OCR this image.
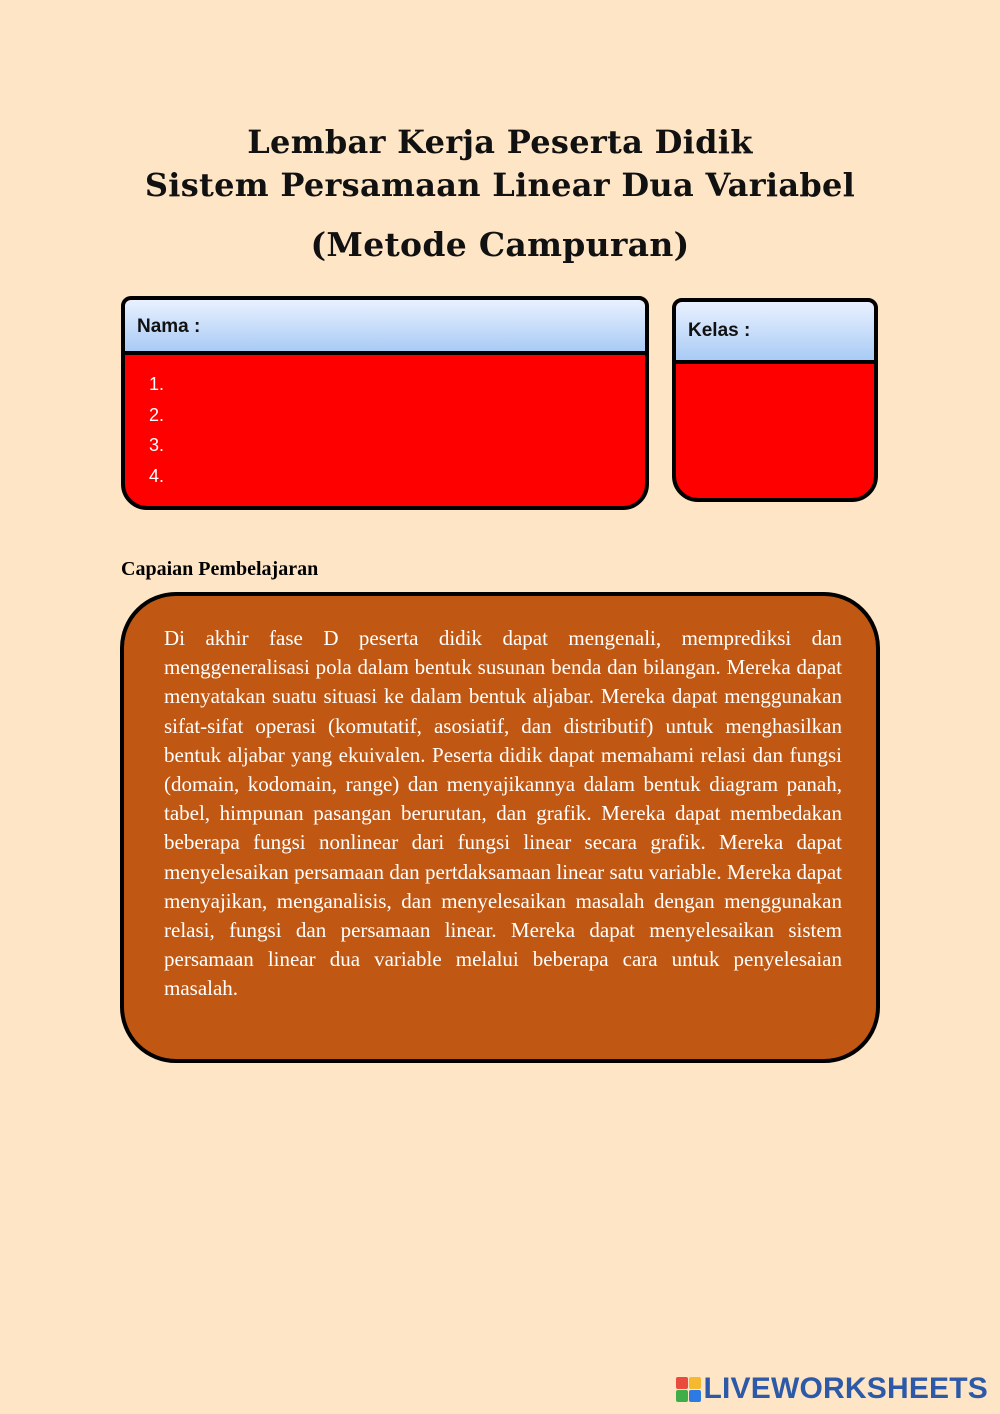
Lembar Kerja Peserta Didik
Sistem Persamaan Linear Dua Variabel
(Metode Campuran)
Nama :
1.
2.
3.
4.
Kelas :

Capaian Pembelajaran

Di akhir fase D peserta didik dapat mengenali, memprediksi dan menggeneralisasi pola dalam bentuk susunan benda dan bilangan. Mereka dapat menyatakan suatu situasi ke dalam bentuk aljabar. Mereka dapat menggunakan sifat-sifat operasi (komutatif, asosiatif, dan distributif) untuk menghasilkan bentuk aljabar yang ekuivalen. Peserta didik dapat memahami relasi dan fungsi (domain, kodomain, range) dan menyajikannya dalam bentuk diagram panah, tabel, himpunan pasangan berurutan, dan grafik. Mereka dapat membedakan beberapa fungsi nonlinear dari fungsi linear secara grafik. Mereka dapat menyelesaikan persamaan dan pertdaksamaan linear satu variable. Mereka dapat menyajikan, menganalisis, dan menyelesaikan masalah dengan menggunakan relasi, fungsi dan persamaan linear. Mereka dapat menyelesaikan sistem persamaan linear dua variable melalui beberapa cara untuk penyelesaian masalah.

LIVEWORKSHEETS
